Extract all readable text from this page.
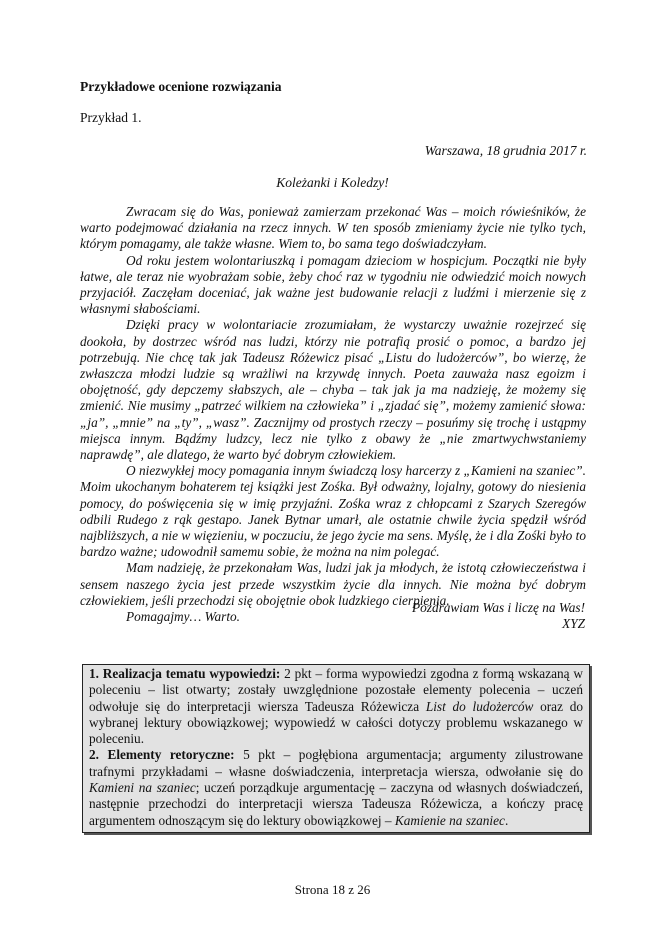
Przykładowe ocenione rozwiązania
Przykład 1.
Warszawa, 18 grudnia 2017 r.
Koleżanki i Koledzy!

Zwracam się do Was, ponieważ zamierzam przekonać Was – moich rówieśników, że warto podejmować działania na rzecz innych. W ten sposób zmieniamy życie nie tylko tych, którym pomagamy, ale także własne. Wiem to, bo sama tego doświadczyłam.

Od roku jestem wolontariuszką i pomagam dzieciom w hospicjum. Początki nie były łatwe, ale teraz nie wyobrażam sobie, żeby choć raz w tygodniu nie odwiedzić moich nowych przyjaciół. Zaczęłam doceniać, jak ważne jest budowanie relacji z ludźmi i mierzenie się z własnymi słabościami.

Dzięki pracy w wolontariacie zrozumiałam, że wystarczy uważnie rozejrzeć się dookoła, by dostrzec wśród nas ludzi, którzy nie potrafią prosić o pomoc, a bardzo jej potrzebują. Nie chcę tak jak Tadeusz Różewicz pisać „Listu do ludożerców”, bo wierzę, że zwłaszcza młodzi ludzie są wrażliwi na krzywdę innych. Poeta zauważa nasz egoizm i obojętność, gdy depczemy słabszych, ale – chyba – tak jak ja ma nadzieję, że możemy się zmienić. Nie musimy „patrzeć wilkiem na człowieka” i „zjadać się”, możemy zamienić słowa: „ja”, „mnie” na „ty”, „wasz”. Zacznijmy od prostych rzeczy – posuńmy się trochę i ustąpmy miejsca innym. Bądźmy ludzcy, lecz nie tylko z obawy że „nie zmartwychwstaniemy naprawdę”, ale dlatego, że warto być dobrym człowiekiem.

O niezwykłej mocy pomagania innym świadczą losy harcerzy z „Kamieni na szaniec”. Moim ukochanym bohaterem tej książki jest Zośka. Był odważny, lojalny, gotowy do niesienia pomocy, do poświęcenia się w imię przyjaźni. Zośka wraz z chłopcami z Szarych Szeregów odbili Rudego z rąk gestapo. Janek Bytnar umarł, ale ostatnie chwile życia spędził wśród najbliższych, a nie w więzieniu, w poczuciu, że jego życie ma sens. Myślę, że i dla Zośki było to bardzo ważne; udowodnił samemu sobie, że można na nim polegać.

Mam nadzieję, że przekonałam Was, ludzi jak ja młodych, że istotą człowieczeństwa i sensem naszego życia jest przede wszystkim życie dla innych. Nie można być dobrym człowiekiem, jeśli przechodzi się obojętnie obok ludzkiego cierpienia.

Pomagajmy… Warto.

Pozdrawiam Was i liczę na Was!
XYZ

1. Realizacja tematu wypowiedzi: 2 pkt – forma wypowiedzi zgodna z formą wskazaną w poleceniu – list otwarty; zostały uwzględnione pozostałe elementy polecenia – uczeń odwołuje się do interpretacji wiersza Tadeusza Różewicza List do ludożerców oraz do wybranej lektury obowiązkowej; wypowiedź w całości dotyczy problemu wskazanego w poleceniu.

2. Elementy retoryczne: 5 pkt – pogłębiona argumentacja; argumenty zilustrowane trafnymi przykładami – własne doświadczenia, interpretacja wiersza, odwołanie się do Kamieni na szaniec; uczeń porządkuje argumentację – zaczyna od własnych doświadczeń, następnie przechodzi do interpretacji wiersza Tadeusza Różewicza, a kończy pracę argumentem odnoszącym się do lektury obowiązkowej – Kamienie na szaniec.

Strona 18 z 26
